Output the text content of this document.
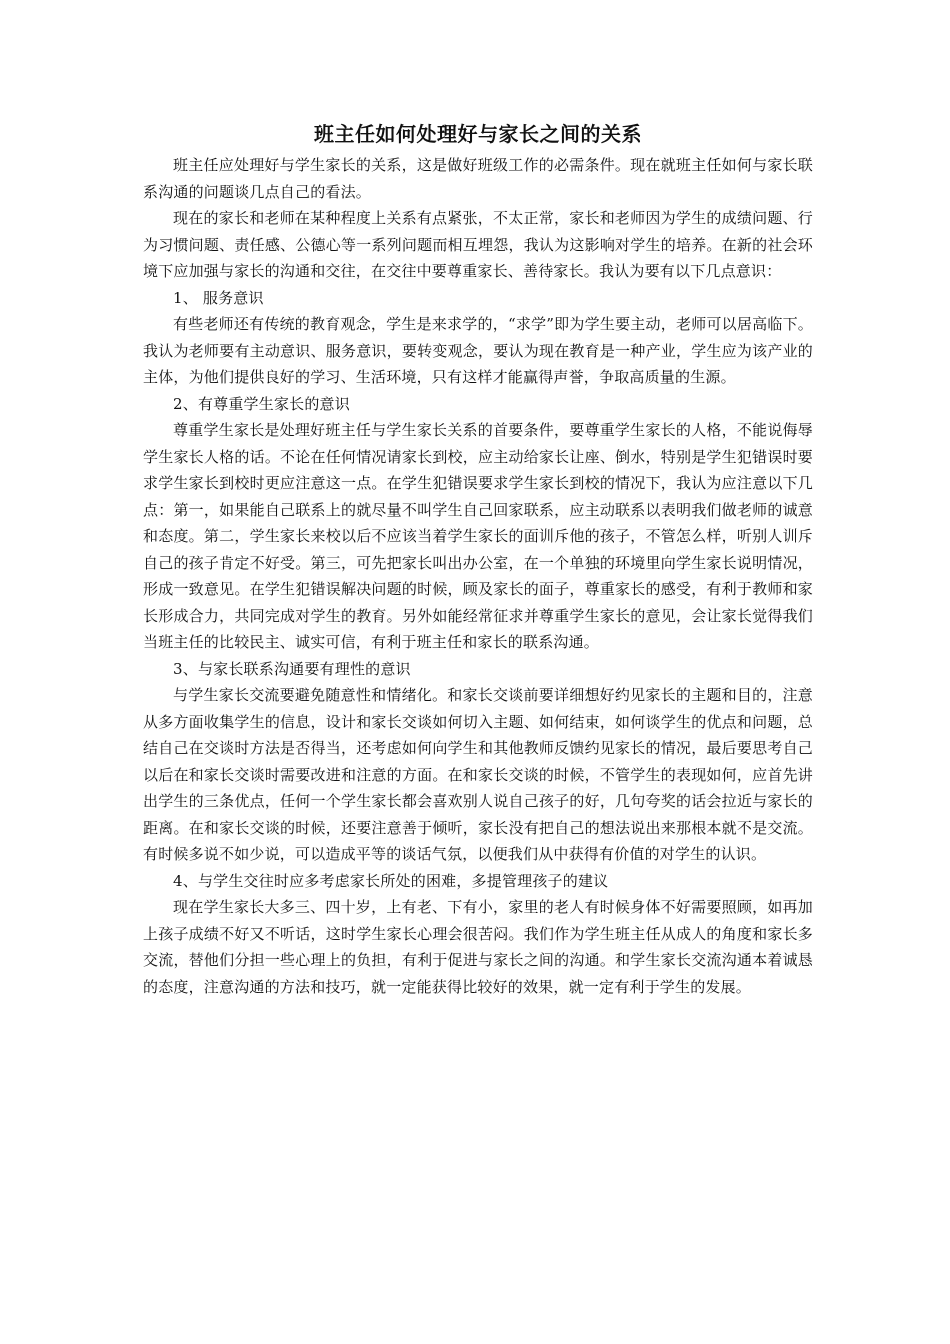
班主任如何处理好与家长之间的关系

班主任应处理好与学生家长的关系，这是做好班级工作的必需条件。现在就班主任如何与家长联系沟通的问题谈几点自己的看法。

现在的家长和老师在某种程度上关系有点紧张，不太正常，家长和老师因为学生的成绩问题、行为习惯问题、责任感、公德心等一系列问题而相互埋怨，我认为这影响对学生的培养。在新的社会环境下应加强与家长的沟通和交往，在交往中要尊重家长、善待家长。我认为要有以下几点意识：

1、 服务意识

有些老师还有传统的教育观念，学生是来求学的，“求学”即为学生要主动，老师可以居高临下。我认为老师要有主动意识、服务意识，要转变观念，要认为现在教育是一种产业，学生应为该产业的主体，为他们提供良好的学习、生活环境，只有这样才能赢得声誉，争取高质量的生源。

2、有尊重学生家长的意识

尊重学生家长是处理好班主任与学生家长关系的首要条件，要尊重学生家长的人格，不能说侮辱学生家长人格的话。不论在任何情况请家长到校，应主动给家长让座、倒水，特别是学生犯错误时要求学生家长到校时更应注意这一点。在学生犯错误要求学生家长到校的情况下，我认为应注意以下几点：第一，如果能自己联系上的就尽量不叫学生自己回家联系，应主动联系以表明我们做老师的诚意和态度。第二，学生家长来校以后不应该当着学生家长的面训斥他的孩子，不管怎么样，听别人训斥自己的孩子肯定不好受。第三，可先把家长叫出办公室，在一个单独的环境里向学生家长说明情况，形成一致意见。在学生犯错误解决问题的时候，顾及家长的面子，尊重家长的感受，有利于教师和家长形成合力，共同完成对学生的教育。另外如能经常征求并尊重学生家长的意见，会让家长觉得我们当班主任的比较民主、诚实可信，有利于班主任和家长的联系沟通。

3、与家长联系沟通要有理性的意识

与学生家长交流要避免随意性和情绪化。和家长交谈前要详细想好约见家长的主题和目的，注意从多方面收集学生的信息，设计和家长交谈如何切入主题、如何结束，如何谈学生的优点和问题，总结自己在交谈时方法是否得当，还考虑如何向学生和其他教师反馈约见家长的情况，最后要思考自己以后在和家长交谈时需要改进和注意的方面。在和家长交谈的时候，不管学生的表现如何，应首先讲出学生的三条优点，任何一个学生家长都会喜欢别人说自己孩子的好，几句夸奖的话会拉近与家长的距离。在和家长交谈的时候，还要注意善于倾听，家长没有把自己的想法说出来那根本就不是交流。有时候多说不如少说，可以造成平等的谈话气氛，以便我们从中获得有价值的对学生的认识。

4、与学生交往时应多考虑家长所处的困难，多提管理孩子的建议

现在学生家长大多三、四十岁，上有老、下有小，家里的老人有时候身体不好需要照顾，如再加上孩子成绩不好又不听话，这时学生家长心理会很苦闷。我们作为学生班主任从成人的角度和家长多交流，替他们分担一些心理上的负担，有利于促进与家长之间的沟通。和学生家长交流沟通本着诚恳的态度，注意沟通的方法和技巧，就一定能获得比较好的效果，就一定有利于学生的发展。
